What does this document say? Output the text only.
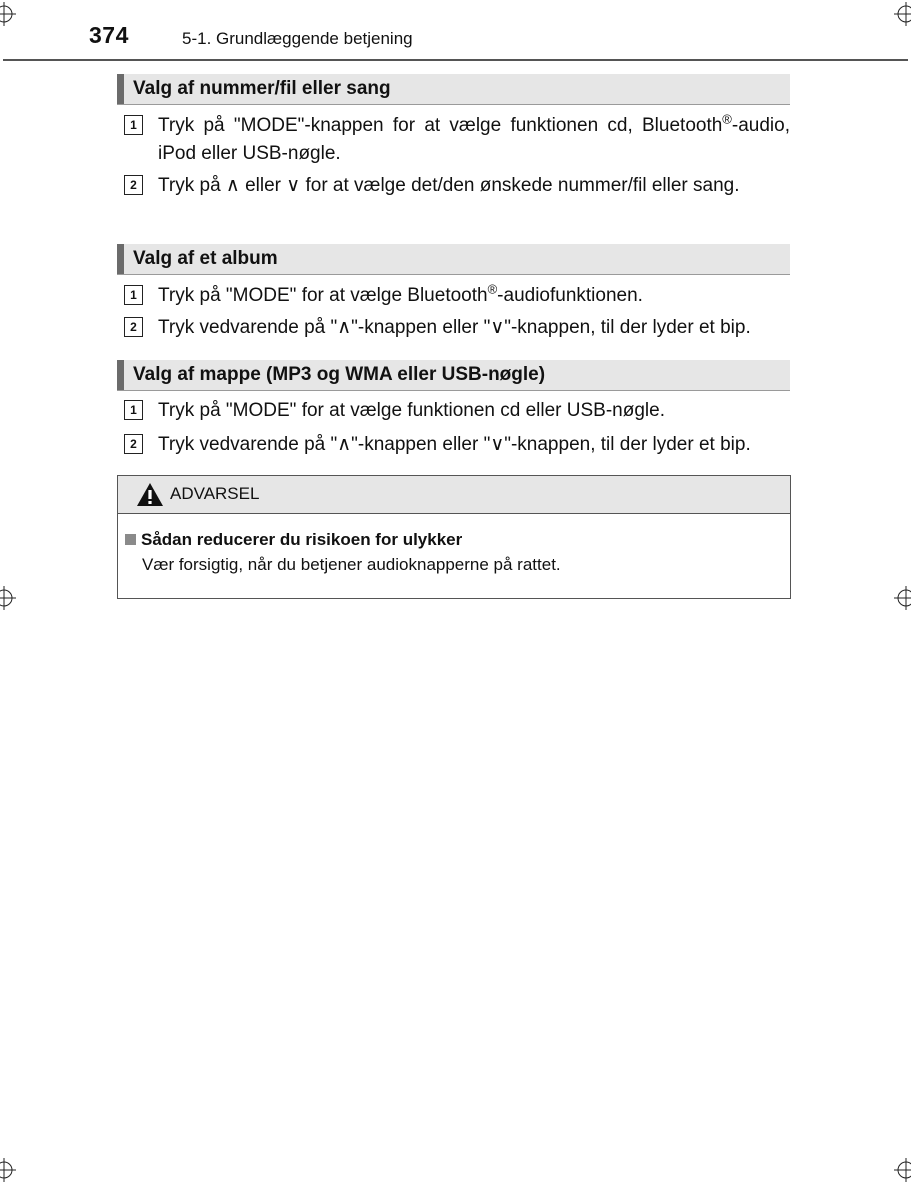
374	5-1. Grundlæggende betjening
Valg af nummer/fil eller sang
1	Tryk på "MODE"-knappen for at vælge funktionen cd, Bluetooth®-audio, iPod eller USB-nøgle.
2	Tryk på ∧ eller ∨ for at vælge det/den ønskede nummer/fil eller sang.
Valg af et album
1	Tryk på "MODE" for at vælge Bluetooth®-audiofunktionen.
2	Tryk vedvarende på "∧"-knappen eller "∨"-knappen, til der lyder et bip.
Valg af mappe (MP3 og WMA eller USB-nøgle)
1	Tryk på "MODE" for at vælge funktionen cd eller USB-nøgle.
2	Tryk vedvarende på "∧"-knappen eller "∨"-knappen, til der lyder et bip.
ADVARSEL
Sådan reducerer du risikoen for ulykker
Vær forsigtig, når du betjener audioknapperne på rattet.
